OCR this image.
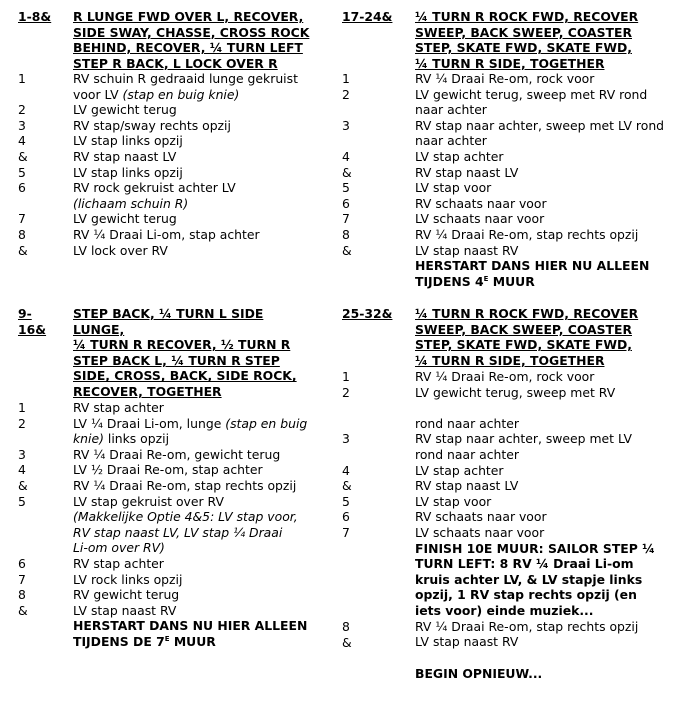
1-8& R LUNGE FWD OVER L, RECOVER,
SIDE SWAY, CHASSE, CROSS ROCK
BEHIND, RECOVER, ¼ TURN LEFT
STEP R BACK, L LOCK OVER R
1

2
3
4
&
5
6

7
8
&
RV schuin R gedraaid lunge gekruist
voor LV (stap en buig knie)
LV gewicht terug
RV stap/sway rechts opzij
LV stap links opzij
RV stap naast LV
LV stap links opzij
RV rock gekruist achter LV
(lichaam schuin R)
LV gewicht terug
RV ¼ Draai Li-om, stap achter
LV lock over RV
17-24& ¼ TURN R ROCK FWD, RECOVER
SWEEP, BACK SWEEP, COASTER
STEP, SKATE FWD, SKATE FWD,
¼ TURN R SIDE, TOGETHER
1
2

3

4
&
5
6
7
8
&
RV ¼ Draai Re-om, rock voor
LV gewicht terug, sweep met RV rond
naar achter
RV stap naar achter, sweep met LV rond
naar achter
LV stap achter
RV stap naast LV
LV stap voor
RV schaats naar voor
LV schaats naar voor
RV ¼ Draai Re-om, stap rechts opzij
LV stap naast RV
HERSTART DANS HIER NU ALLEEN
TIJDENS $4^E$ MUUR
9-
16&
STEP BACK, ¼ TURN L SIDE
LUNGE,
¼ TURN R RECOVER, ½ TURN R
STEP BACK L, ¼ TURN R STEP
SIDE, CROSS, BACK, SIDE ROCK,
RECOVER, TOGETHER
1
2

3
4
&
5

6
7
8
&
RV stap achter
LV ¼ Draai Li-om, lunge (stap en buig
knie) links opzij
RV ¼ Draai Re-om, gewicht terug
LV ½ Draai Re-om, stap achter
RV ¼ Draai Re-om, stap rechts opzij
LV stap gekruist over RV
(Makkelijke Optie 4&5: LV stap voor,
RV stap naast LV, LV stap ¼ Draai
Li-om over RV)
RV stap achter
LV rock links opzij
RV gewicht terug
LV stap naast RV
HERSTART DANS NU HIER ALLEEN
TIJDENS DE $7^E$ MUUR
25-32& ¼ TURN R ROCK FWD, RECOVER
SWEEP, BACK SWEEP, COASTER
STEP, SKATE FWD, SKATE FWD,
¼ TURN R SIDE, TOGETHER
1
2

3

4
&
5
6
7
RV ¼ Draai Re-om, rock voor
LV gewicht terug, sweep met RV

rond naar achter
RV stap naar achter, sweep met LV
rond naar achter
LV stap achter
RV stap naast LV
LV stap voor
RV schaats naar voor
LV schaats naar voor
FINISH 10E MUUR: SAILOR STEP ¼
TURN LEFT: 8 RV ¼ Draai Li-om
kruis achter LV, & LV stapje links
opzij, 1 RV stap rechts opzij (en
iets voor) einde muziek...
RV ¼ Draai Re-om, stap rechts opzij
LV stap naast RV
8
&
BEGIN OPNIEUW...
